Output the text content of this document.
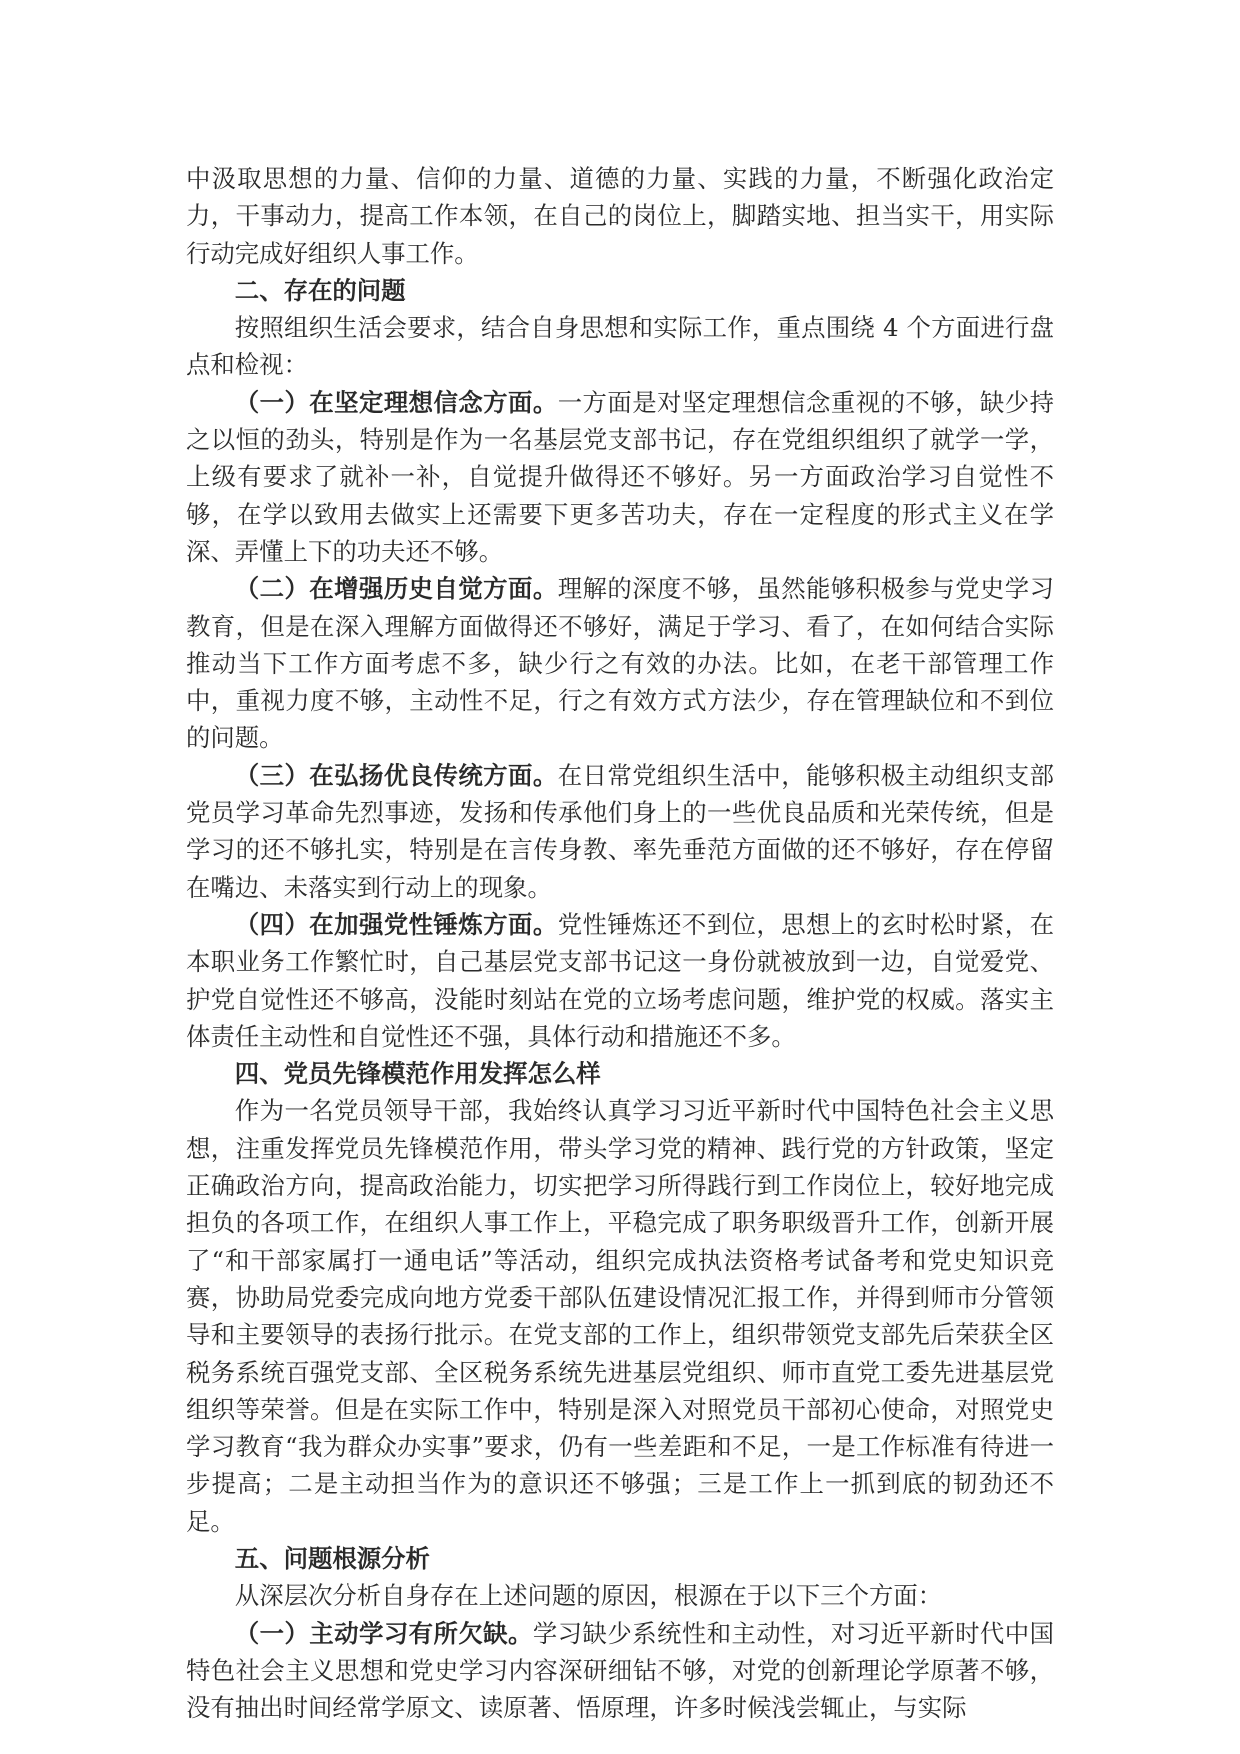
中汲取思想的力量、信仰的力量、道德的力量、实践的力量，不断强化政治定力，干事动力，提高工作本领，在自己的岗位上，脚踏实地、担当实干，用实际行动完成好组织人事工作。

二、存在的问题

按照组织生活会要求，结合自身思想和实际工作，重点围绕 4 个方面进行盘点和检视：

（一）在坚定理想信念方面。一方面是对坚定理想信念重视的不够，缺少持之以恒的劲头，特别是作为一名基层党支部书记，存在党组织组织了就学一学，上级有要求了就补一补，自觉提升做得还不够好。另一方面政治学习自觉性不够，在学以致用去做实上还需要下更多苦功夫，存在一定程度的形式主义在学深、弄懂上下的功夫还不够。

（二）在增强历史自觉方面。理解的深度不够，虽然能够积极参与党史学习教育，但是在深入理解方面做得还不够好，满足于学习、看了，在如何结合实际推动当下工作方面考虑不多，缺少行之有效的办法。比如，在老干部管理工作中，重视力度不够，主动性不足，行之有效方式方法少，存在管理缺位和不到位的问题。

（三）在弘扬优良传统方面。在日常党组织生活中，能够积极主动组织支部党员学习革命先烈事迹，发扬和传承他们身上的一些优良品质和光荣传统，但是学习的还不够扎实，特别是在言传身教、率先垂范方面做的还不够好，存在停留在嘴边、未落实到行动上的现象。

（四）在加强党性锤炼方面。党性锤炼还不到位，思想上的玄时松时紧，在本职业务工作繁忙时，自己基层党支部书记这一身份就被放到一边，自觉爱党、护党自觉性还不够高，没能时刻站在党的立场考虑问题，维护党的权威。落实主体责任主动性和自觉性还不强，具体行动和措施还不多。

四、党员先锋模范作用发挥怎么样

作为一名党员领导干部，我始终认真学习习近平新时代中国特色社会主义思想，注重发挥党员先锋模范作用，带头学习党的精神、践行党的方针政策，坚定正确政治方向，提高政治能力，切实把学习所得践行到工作岗位上，较好地完成担负的各项工作，在组织人事工作上，平稳完成了职务职级晋升工作，创新开展了“和干部家属打一通电话”等活动，组织完成执法资格考试备考和党史知识竞赛，协助局党委完成向地方党委干部队伍建设情况汇报工作，并得到师市分管领导和主要领导的表扬行批示。在党支部的工作上，组织带领党支部先后荣获全区税务系统百强党支部、全区税务系统先进基层党组织、师市直党工委先进基层党组织等荣誉。但是在实际工作中，特别是深入对照党员干部初心使命，对照党史学习教育“我为群众办实事”要求，仍有一些差距和不足，一是工作标准有待进一步提高；二是主动担当作为的意识还不够强；三是工作上一抓到底的韧劲还不足。

五、问题根源分析

从深层次分析自身存在上述问题的原因，根源在于以下三个方面：

（一）主动学习有所欠缺。学习缺少系统性和主动性，对习近平新时代中国特色社会主义思想和党史学习内容深研细钻不够，对党的创新理论学原著不够，没有抽出时间经常学原文、读原著、悟原理，许多时候浅尝辄止，与实际
